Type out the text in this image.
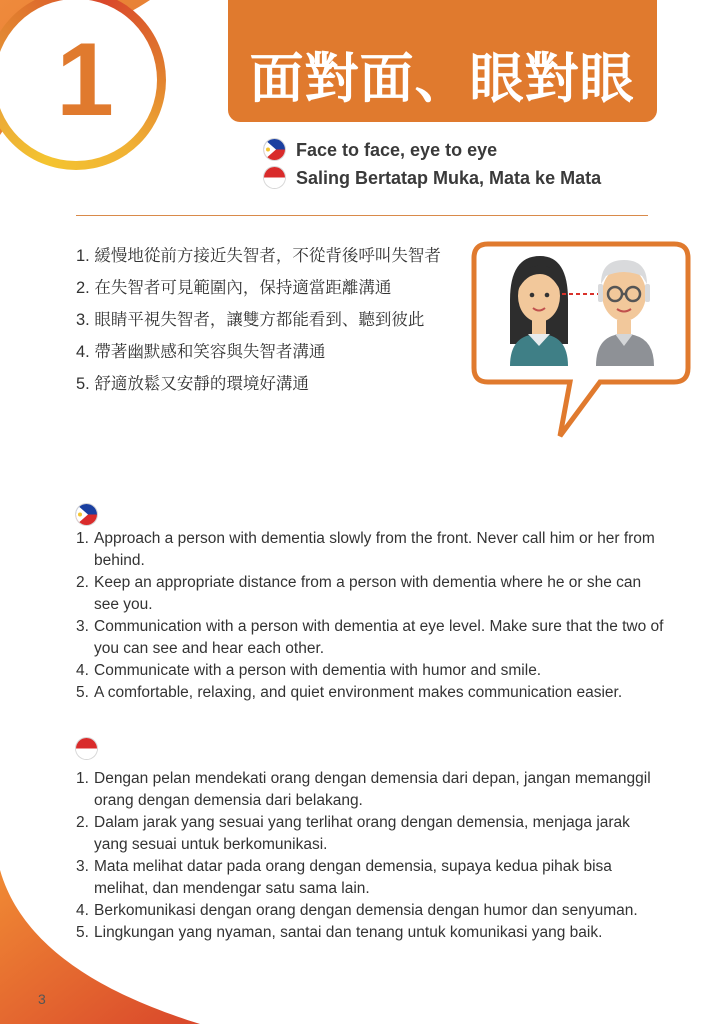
1	面對面、眼對眼
Face to face, eye to eye
Saling Bertatap Muka, Mata ke Mata
1. 緩慢地從前方接近失智者，不從背後呼叫失智者
2. 在失智者可見範圍內，保持適當距離溝通
3. 眼睛平視失智者，讓雙方都能看到、聽到彼此
4. 帶著幽默感和笑容與失智者溝通
5. 舒適放鬆又安靜的環境好溝通
1. Approach a person with dementia slowly from the front. Never call him or her from behind.
2. Keep an appropriate distance from a person with dementia where he or she can see you.
3. Communication with a person with dementia at eye level. Make sure that the two of you can see and hear each other.
4. Communicate with a person with dementia with humor and smile.
5. A comfortable, relaxing, and quiet environment makes communication easier.
1. Dengan pelan mendekati orang dengan demensia dari depan, jangan memanggil orang dengan demensia dari belakang.
2. Dalam jarak yang sesuai yang terlihat orang dengan demensia, menjaga jarak yang sesuai untuk berkomunikasi.
3. Mata melihat datar pada orang dengan demensia, supaya kedua pihak bisa melihat, dan mendengar satu sama lain.
4. Berkomunikasi dengan orang dengan demensia dengan humor dan senyuman.
5. Lingkungan yang nyaman, santai dan tenang untuk komunikasi yang baik.
3
